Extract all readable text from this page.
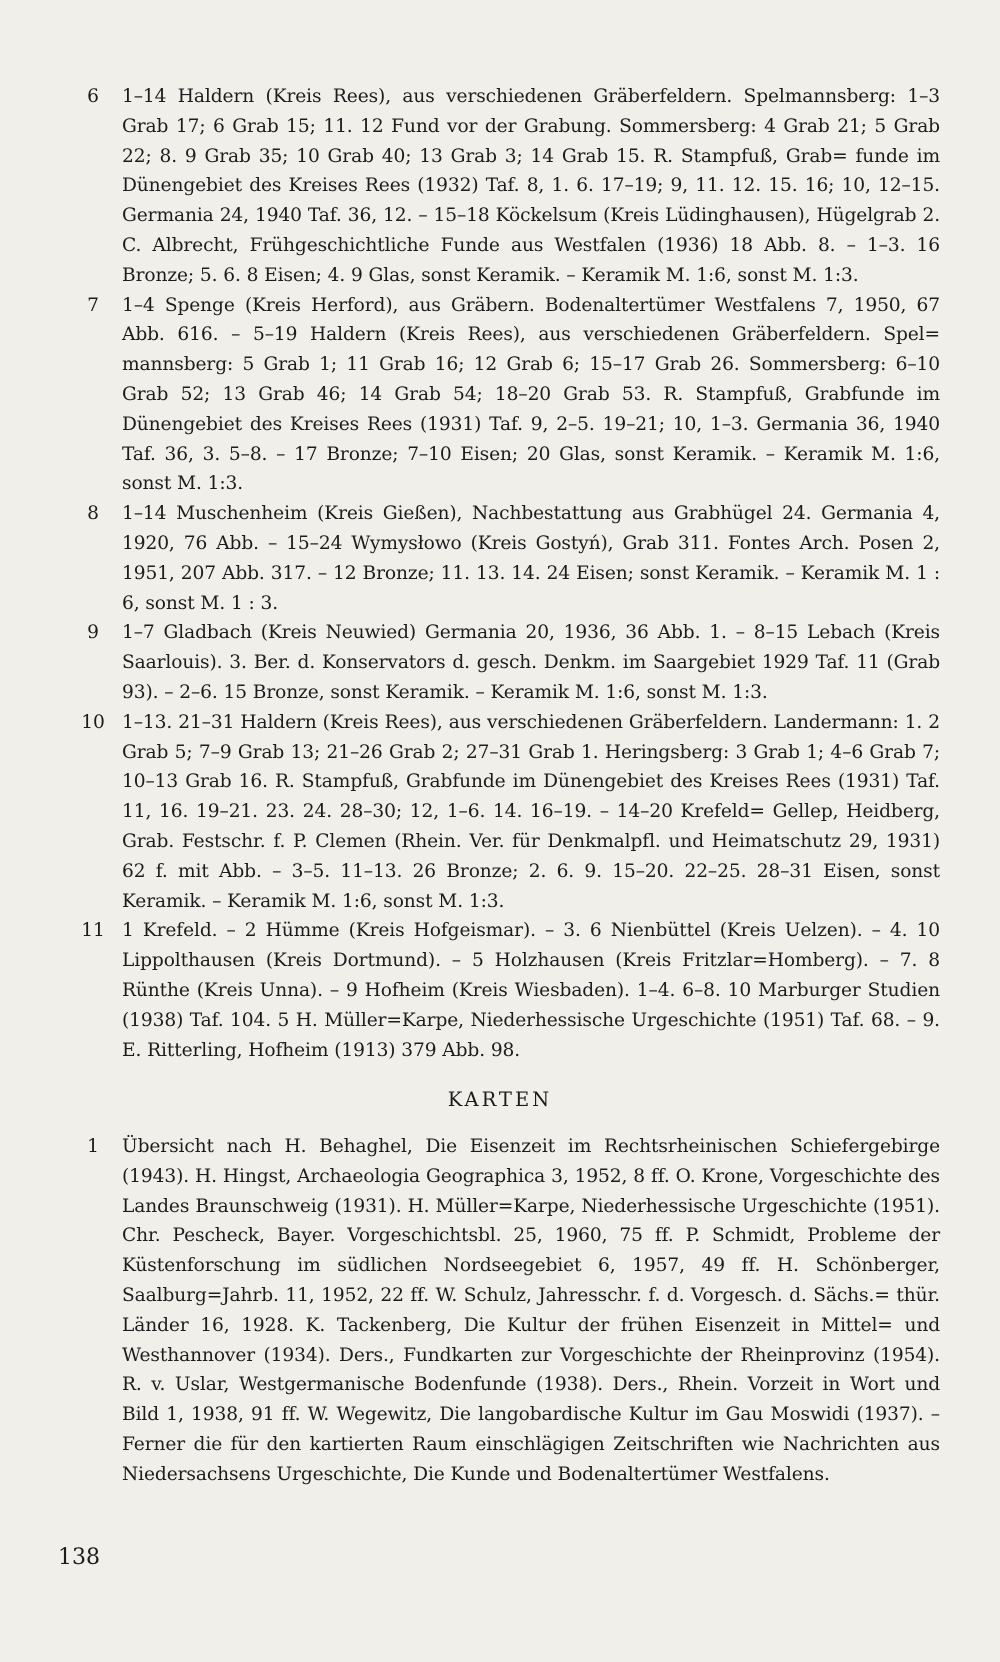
6	1–14 Haldern (Kreis Rees), aus verschiedenen Gräberfeldern. Spelmannsberg: 1–3 Grab 17; 6 Grab 15; 11. 12 Fund vor der Grabung. Sommersberg: 4 Grab 21; 5 Grab 22; 8. 9 Grab 35; 10 Grab 40; 13 Grab 3; 14 Grab 15. R. Stampfuß, Grab= funde im Dünengebiet des Kreises Rees (1932) Taf. 8, 1. 6. 17–19; 9, 11. 12. 15. 16; 10, 12–15. Germania 24, 1940 Taf. 36, 12. – 15–18 Köckelsum (Kreis Lüdinghausen), Hügelgrab 2. C. Albrecht, Frühgeschichtliche Funde aus Westfalen (1936) 18 Abb. 8. – 1–3. 16 Bronze; 5. 6. 8 Eisen; 4. 9 Glas, sonst Keramik. – Keramik M. 1:6, sonst M. 1:3.
7	1–4 Spenge (Kreis Herford), aus Gräbern. Bodenaltertümer Westfalens 7, 1950, 67 Abb. 616. – 5–19 Haldern (Kreis Rees), aus verschiedenen Gräberfeldern. Spel= mannsberg: 5 Grab 1; 11 Grab 16; 12 Grab 6; 15–17 Grab 26. Sommersberg: 6–10 Grab 52; 13 Grab 46; 14 Grab 54; 18–20 Grab 53. R. Stampfuß, Grabfunde im Dünengebiet des Kreises Rees (1931) Taf. 9, 2–5. 19–21; 10, 1–3. Germania 36, 1940 Taf. 36, 3. 5–8. – 17 Bronze; 7–10 Eisen; 20 Glas, sonst Keramik. – Keramik M. 1:6, sonst M. 1:3.
8	1–14 Muschenheim (Kreis Gießen), Nachbestattung aus Grabhügel 24. Germania 4, 1920, 76 Abb. – 15–24 Wymysłowo (Kreis Gostyń), Grab 311. Fontes Arch. Posen 2, 1951, 207 Abb. 317. – 12 Bronze; 11. 13. 14. 24 Eisen; sonst Keramik. – Keramik M. 1 : 6, sonst M. 1 : 3.
9	1–7 Gladbach (Kreis Neuwied) Germania 20, 1936, 36 Abb. 1. – 8–15 Lebach (Kreis Saarlouis). 3. Ber. d. Konservators d. gesch. Denkm. im Saargebiet 1929 Taf. 11 (Grab 93). – 2–6. 15 Bronze, sonst Keramik. – Keramik M. 1:6, sonst M. 1:3.
10 1–13. 21–31 Haldern (Kreis Rees), aus verschiedenen Gräberfeldern. Landermann: 1. 2 Grab 5; 7–9 Grab 13; 21–26 Grab 2; 27–31 Grab 1. Heringsberg: 3 Grab 1; 4–6 Grab 7; 10–13 Grab 16. R. Stampfuß, Grabfunde im Dünengebiet des Kreises Rees (1931) Taf. 11, 16. 19–21. 23. 24. 28–30; 12, 1–6. 14. 16–19. – 14–20 Krefeld= Gellep, Heidberg, Grab. Festschr. f. P. Clemen (Rhein. Ver. für Denkmalpfl. und Heimatschutz 29, 1931) 62 f. mit Abb. – 3–5. 11–13. 26 Bronze; 2. 6. 9. 15–20. 22–25. 28–31 Eisen, sonst Keramik. – Keramik M. 1:6, sonst M. 1:3.
11 1 Krefeld. – 2 Hümme (Kreis Hofgeismar). – 3. 6 Nienbüttel (Kreis Uelzen). – 4. 10 Lippolthausen (Kreis Dortmund). – 5 Holzhausen (Kreis Fritzlar=Homberg). – 7. 8 Rünthe (Kreis Unna). – 9 Hofheim (Kreis Wiesbaden). 1–4. 6–8. 10 Marburger Studien (1938) Taf. 104. 5 H. Müller=Karpe, Niederhessische Urgeschichte (1951) Taf. 68. – 9. E. Ritterling, Hofheim (1913) 379 Abb. 98.
KARTEN
1	Übersicht nach H. Behaghel, Die Eisenzeit im Rechtsrheinischen Schiefergebirge (1943). H. Hingst, Archaeologia Geographica 3, 1952, 8 ff. O. Krone, Vorgeschichte des Landes Braunschweig (1931). H. Müller=Karpe, Niederhessische Urgeschichte (1951). Chr. Pescheck, Bayer. Vorgeschichtsbl. 25, 1960, 75 ff. P. Schmidt, Probleme der Küstenforschung im südlichen Nordseegebiet 6, 1957, 49 ff. H. Schönberger, Saalburg=Jahrb. 11, 1952, 22 ff. W. Schulz, Jahresschr. f. d. Vorgesch. d. Sächs.= thür. Länder 16, 1928. K. Tackenberg, Die Kultur der frühen Eisenzeit in Mittel= und Westhannover (1934). Ders., Fundkarten zur Vorgeschichte der Rheinprovinz (1954). R. v. Uslar, Westgermanische Bodenfunde (1938). Ders., Rhein. Vorzeit in Wort und Bild 1, 1938, 91 ff. W. Wegewitz, Die langobardische Kultur im Gau Moswidi (1937). – Ferner die für den kartierten Raum einschlägigen Zeitschriften wie Nachrichten aus Niedersachsens Urgeschichte, Die Kunde und Bodenaltertümer Westfalens.
138
